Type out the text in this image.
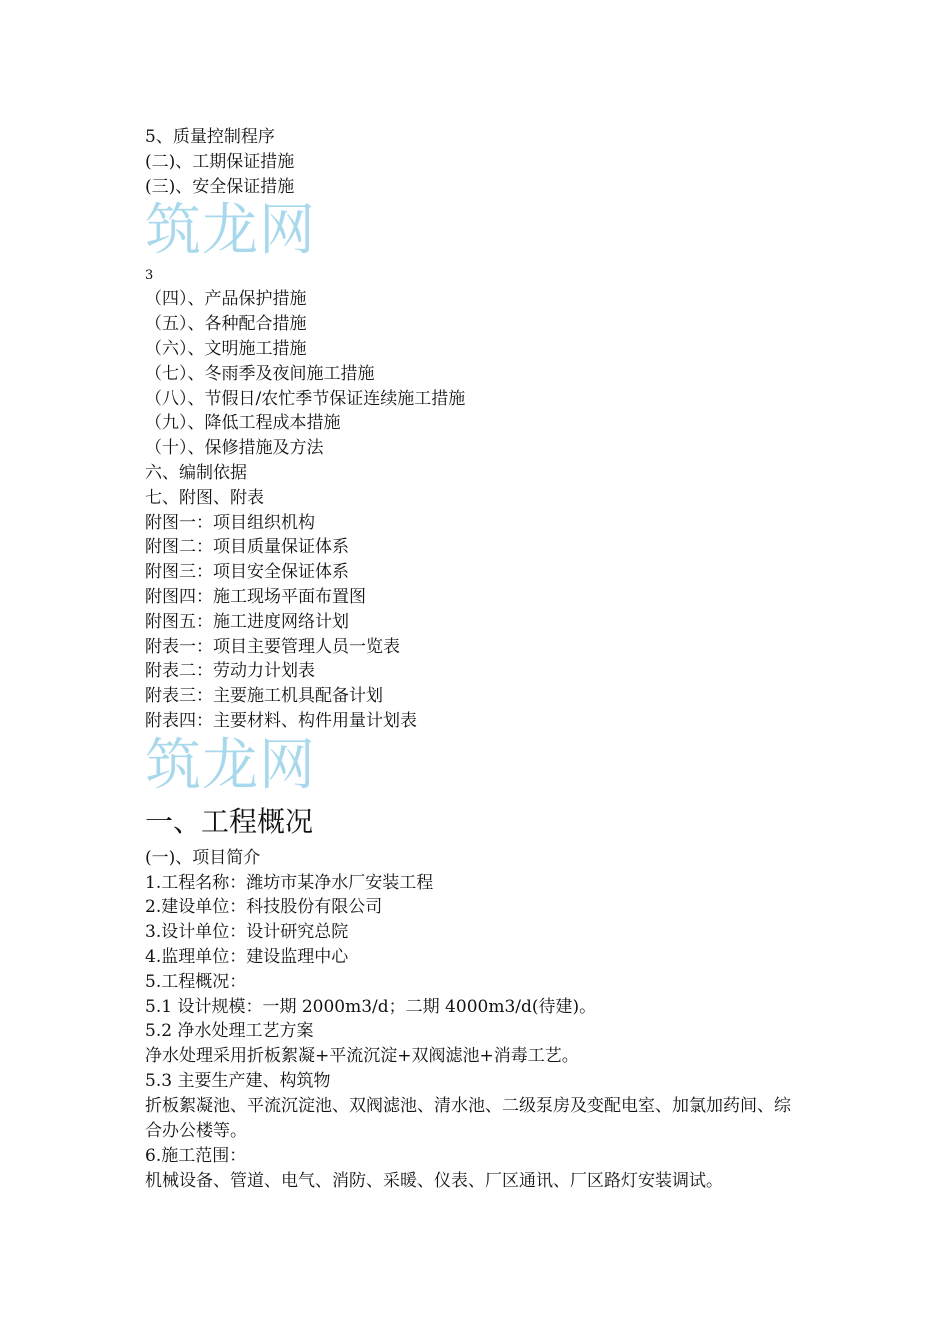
5、质量控制程序
(二)、工期保证措施
(三)、安全保证措施
筑龙网
3
（四）、产品保护措施
（五）、各种配合措施
（六）、文明施工措施
（七）、冬雨季及夜间施工措施
（八）、节假日/农忙季节保证连续施工措施
（九）、降低工程成本措施
（十）、保修措施及方法
六、编制依据
七、附图、附表
附图一：项目组织机构
附图二：项目质量保证体系
附图三：项目安全保证体系
附图四：施工现场平面布置图
附图五：施工进度网络计划
附表一：项目主要管理人员一览表
附表二：劳动力计划表
附表三：主要施工机具配备计划
附表四：主要材料、构件用量计划表
筑龙网
一、工程概况
(一)、项目简介
1.工程名称：潍坊市某净水厂安装工程
2.建设单位：科技股份有限公司
3.设计单位：设计研究总院
4.监理单位：建设监理中心
5.工程概况：
5.1 设计规模：一期 2000m3/d；二期 4000m3/d(待建)。
5.2 净水处理工艺方案
净水处理采用折板絮凝+平流沉淀+双阀滤池+消毒工艺。
5.3 主要生产建、构筑物
折板絮凝池、平流沉淀池、双阀滤池、清水池、二级泵房及变配电室、加氯加药间、综合办公楼等。
6.施工范围：
机械设备、管道、电气、消防、采暖、仪表、厂区通讯、厂区路灯安装调试。
